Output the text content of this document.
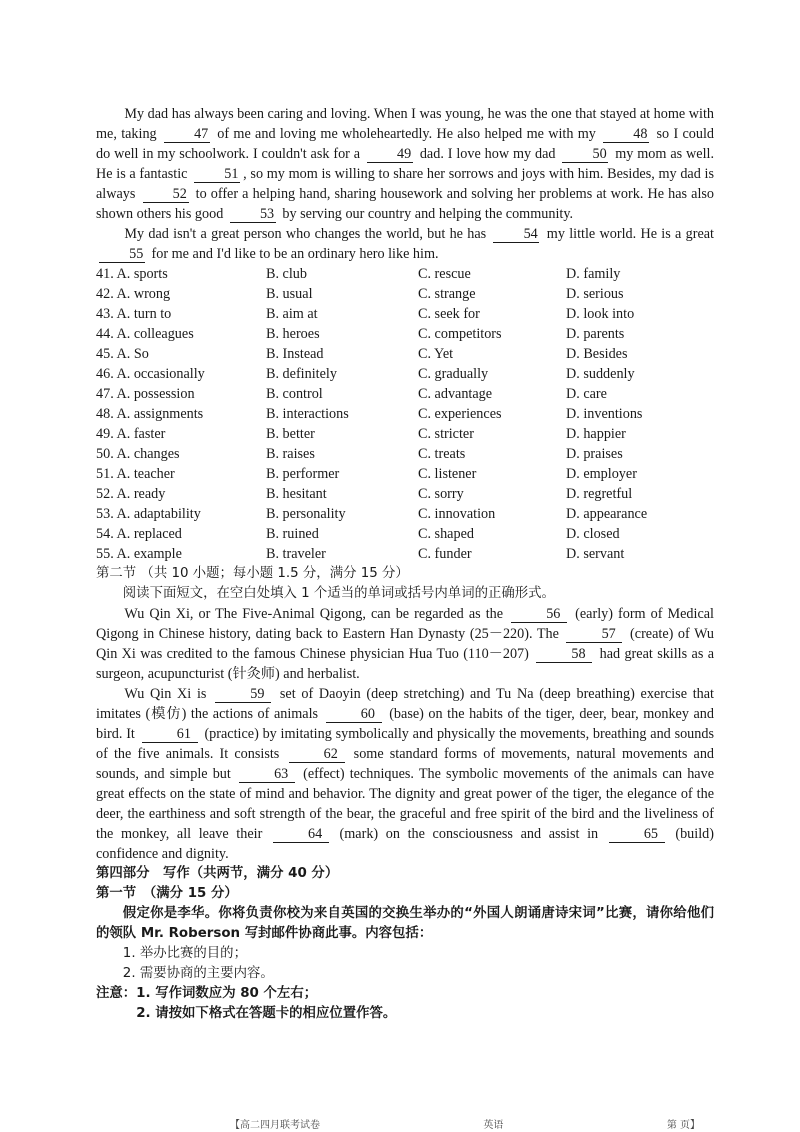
My dad has always been caring and loving. When I was young, he was the one that stayed at home with me, taking 47 of me and loving me wholeheartedly. He also helped me with my 48 so I could do well in my schoolwork. I couldn't ask for a 49 dad. I love how my dad 50 my mom as well. He is a fantastic 51 , so my mom is willing to share her sorrows and joys with him. Besides, my dad is always 52 to offer a helping hand, sharing housework and solving her problems at work. He has also shown others his good 53 by serving our country and helping the community.

My dad isn't a great person who changes the world, but he has 54 my little world. He is a great 55 for me and I'd like to be an ordinary hero like him.

41. A. sports	B. club	C. rescue	D. family
42. A. wrong	B. usual	C. strange	D. serious
43. A. turn to	B. aim at	C. seek for	D. look into
44. A. colleagues	B. heroes	C. competitors	D. parents
45. A. So	B. Instead	C. Yet	D. Besides
46. A. occasionally	B. definitely	C. gradually	D. suddenly
47. A. possession	B. control	C. advantage	D. care
48. A. assignments	B. interactions	C. experiences	D. inventions
49. A. faster	B. better	C. stricter	D. happier
50. A. changes	B. raises	C. treats	D. praises
51. A. teacher	B. performer	C. listener	D. employer
52. A. ready	B. hesitant	C. sorry	D. regretful
53. A. adaptability	B. personality	C. innovation	D. appearance
54. A. replaced	B. ruined	C. shaped	D. closed
55. A. example	B. traveler	C. funder	D. servant

第二节 （共 10 小题；每小题 1.5 分，满分 15 分）

阅读下面短文，在空白处填入 1 个适当的单词或括号内单词的正确形式。

Wu Qin Xi, or The Five-Animal Qigong, can be regarded as the	56 (early) form of Medical Qigong in Chinese history, dating back to Eastern Han Dynasty (25－220). The	57 (create) of Wu Qin Xi was credited to the famous Chinese physician Hua Tuo (110－207)	58 had great skills as a surgeon, acupuncturist (针灸师) and herbalist.

Wu Qin Xi is	59 set of Daoyin (deep stretching) and Tu Na (deep breathing) exercise that imitates (模仿) the actions of animals	60 (base) on the habits of the tiger, deer, bear, monkey and bird. It	61 (practice) by imitating symbolically and physically the movements, breathing and sounds of the five animals. It consists	62 some standard forms of movements, natural movements and sounds, and simple but	63 (effect) techniques. The symbolic movements of the animals can have great effects on the state of mind and behavior. The dignity and great power of the tiger, the elegance of the deer, the earthiness and soft strength of the bear, the graceful and free spirit of the bird and the liveliness of the monkey, all leave their	64 (mark) on the consciousness and assist in	65 (build) confidence and dignity.

第四部分　写作（共两节，满分 40 分）

第一节　（满分 15 分）

假定你是李华。你将负责你校为来自英国的交换生举办的“外国人朗诵唐诗宋词”比赛，请你给他们的领队 Mr. Roberson 写封邮件协商此事。内容包括：

1. 举办比赛的目的；

2. 需要协商的主要内容。

注意：1. 写作词数应为 80 个左右；

2. 请按如下格式在答题卡的相应位置作答。

【高二四月联考试卷	英语	第 页】
